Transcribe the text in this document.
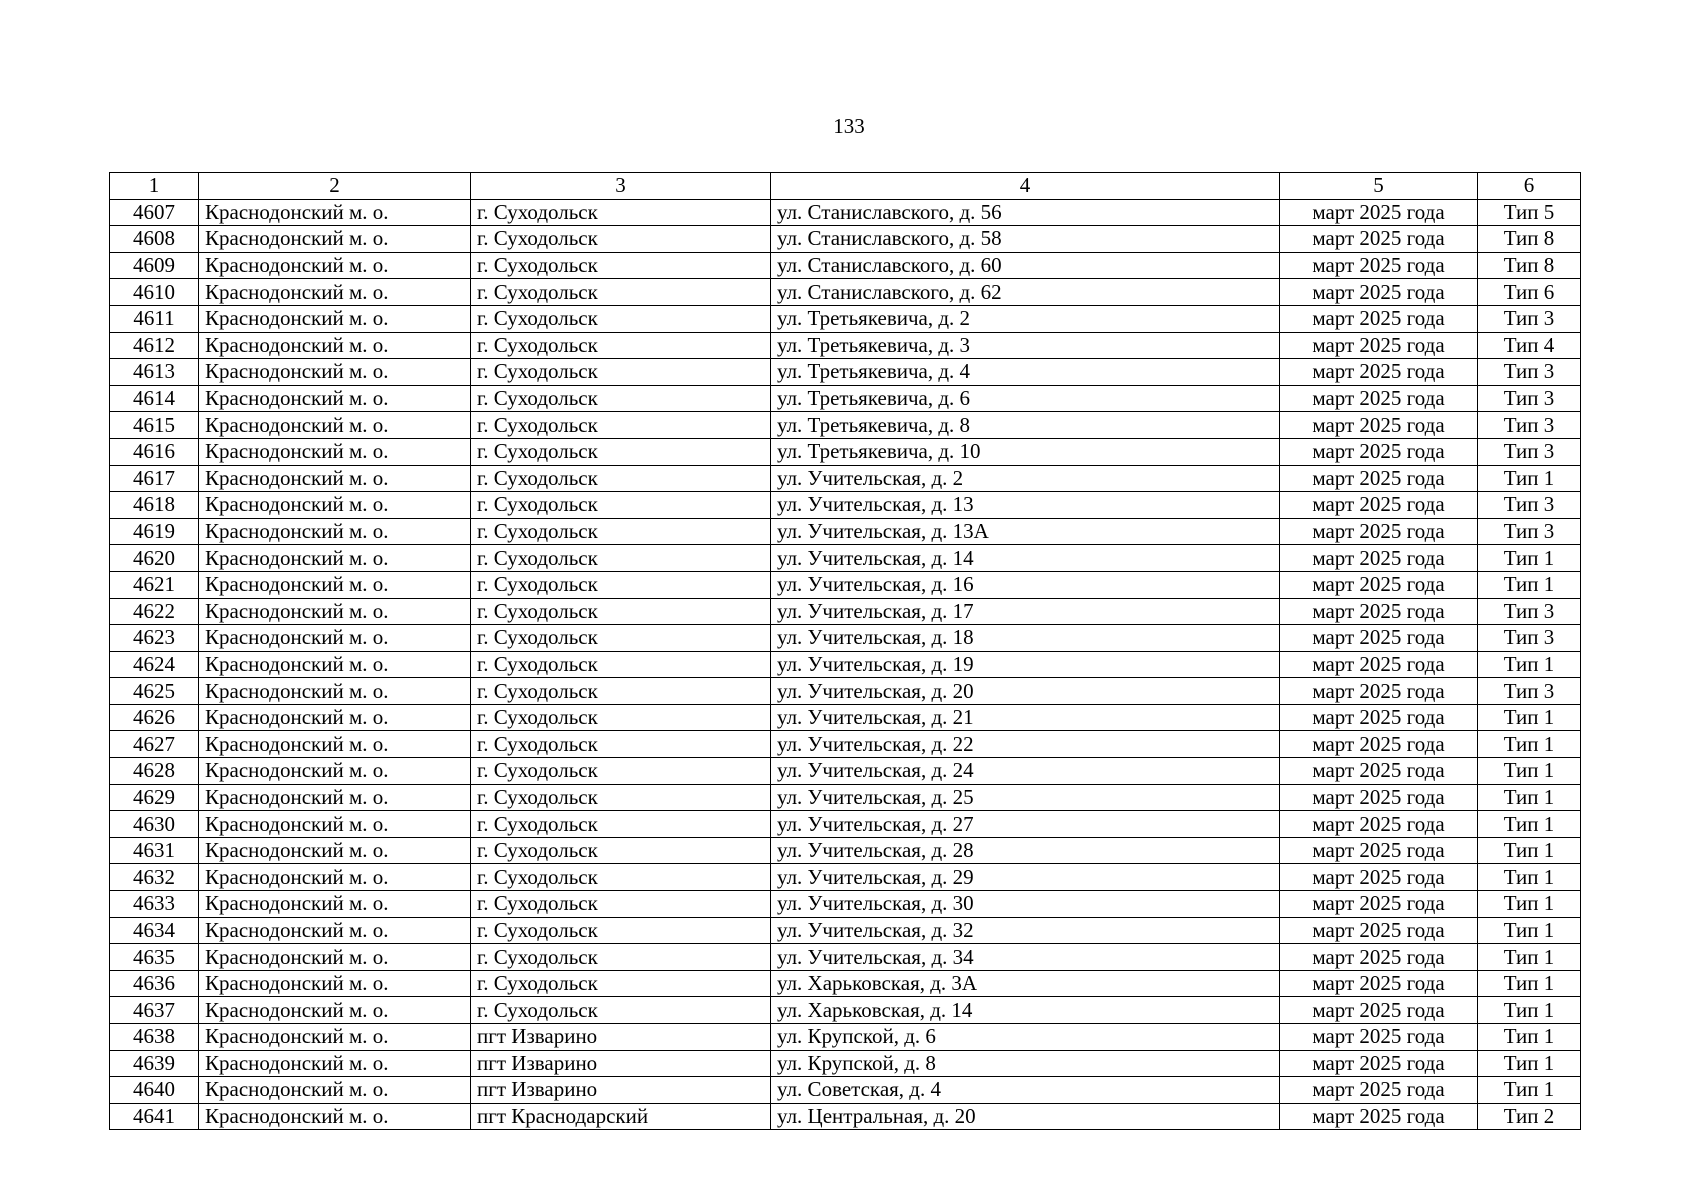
133
1	2	3	4	5	6
4607	Краснодонский м. о.	г. Суходольск	ул. Станиславского, д. 56	март 2025 года	Тип 5
4608	Краснодонский м. о.	г. Суходольск	ул. Станиславского, д. 58	март 2025 года	Тип 8
4609	Краснодонский м. о.	г. Суходольск	ул. Станиславского, д. 60	март 2025 года	Тип 8
4610	Краснодонский м. о.	г. Суходольск	ул. Станиславского, д. 62	март 2025 года	Тип 6
4611	Краснодонский м. о.	г. Суходольск	ул. Третьякевича, д. 2	март 2025 года	Тип 3
4612	Краснодонский м. о.	г. Суходольск	ул. Третьякевича, д. 3	март 2025 года	Тип 4
4613	Краснодонский м. о.	г. Суходольск	ул. Третьякевича, д. 4	март 2025 года	Тип 3
4614	Краснодонский м. о.	г. Суходольск	ул. Третьякевича, д. 6	март 2025 года	Тип 3
4615	Краснодонский м. о.	г. Суходольск	ул. Третьякевича, д. 8	март 2025 года	Тип 3
4616	Краснодонский м. о.	г. Суходольск	ул. Третьякевича, д. 10	март 2025 года	Тип 3
4617	Краснодонский м. о.	г. Суходольск	ул. Учительская, д. 2	март 2025 года	Тип 1
4618	Краснодонский м. о.	г. Суходольск	ул. Учительская, д. 13	март 2025 года	Тип 3
4619	Краснодонский м. о.	г. Суходольск	ул. Учительская, д. 13А	март 2025 года	Тип 3
4620	Краснодонский м. о.	г. Суходольск	ул. Учительская, д. 14	март 2025 года	Тип 1
4621	Краснодонский м. о.	г. Суходольск	ул. Учительская, д. 16	март 2025 года	Тип 1
4622	Краснодонский м. о.	г. Суходольск	ул. Учительская, д. 17	март 2025 года	Тип 3
4623	Краснодонский м. о.	г. Суходольск	ул. Учительская, д. 18	март 2025 года	Тип 3
4624	Краснодонский м. о.	г. Суходольск	ул. Учительская, д. 19	март 2025 года	Тип 1
4625	Краснодонский м. о.	г. Суходольск	ул. Учительская, д. 20	март 2025 года	Тип 3
4626	Краснодонский м. о.	г. Суходольск	ул. Учительская, д. 21	март 2025 года	Тип 1
4627	Краснодонский м. о.	г. Суходольск	ул. Учительская, д. 22	март 2025 года	Тип 1
4628	Краснодонский м. о.	г. Суходольск	ул. Учительская, д. 24	март 2025 года	Тип 1
4629	Краснодонский м. о.	г. Суходольск	ул. Учительская, д. 25	март 2025 года	Тип 1
4630	Краснодонский м. о.	г. Суходольск	ул. Учительская, д. 27	март 2025 года	Тип 1
4631	Краснодонский м. о.	г. Суходольск	ул. Учительская, д. 28	март 2025 года	Тип 1
4632	Краснодонский м. о.	г. Суходольск	ул. Учительская, д. 29	март 2025 года	Тип 1
4633	Краснодонский м. о.	г. Суходольск	ул. Учительская, д. 30	март 2025 года	Тип 1
4634	Краснодонский м. о.	г. Суходольск	ул. Учительская, д. 32	март 2025 года	Тип 1
4635	Краснодонский м. о.	г. Суходольск	ул. Учительская, д. 34	март 2025 года	Тип 1
4636	Краснодонский м. о.	г. Суходольск	ул. Харьковская, д. 3А	март 2025 года	Тип 1
4637	Краснодонский м. о.	г. Суходольск	ул. Харьковская, д. 14	март 2025 года	Тип 1
4638	Краснодонский м. о.	пгт Изварино	ул. Крупской, д. 6	март 2025 года	Тип 1
4639	Краснодонский м. о.	пгт Изварино	ул. Крупской, д. 8	март 2025 года	Тип 1
4640	Краснодонский м. о.	пгт Изварино	ул. Советская, д. 4	март 2025 года	Тип 1
4641	Краснодонский м. о.	пгт Краснодарский	ул. Центральная, д. 20	март 2025 года	Тип 2
